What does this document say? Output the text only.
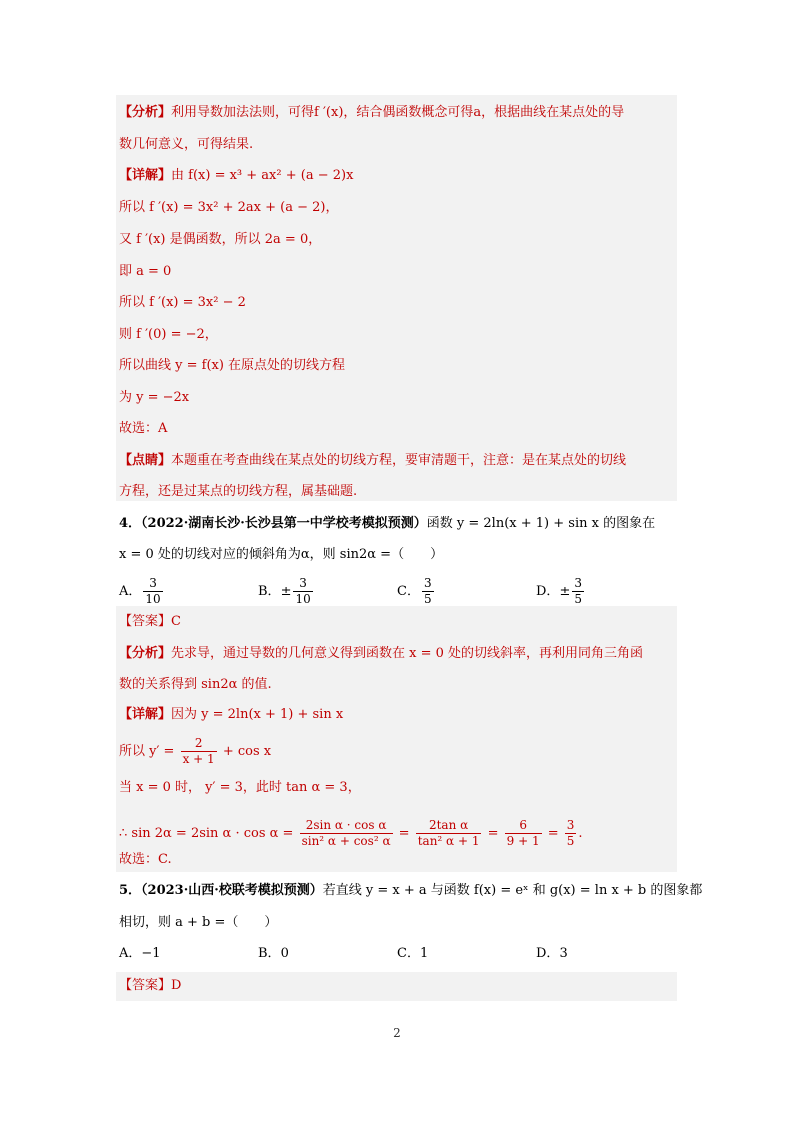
【分析】利用导数加法法则，可得f ′(x)，结合偶函数概念可得a，根据曲线在某点处的导
数几何意义，可得结果.
【详解】由 f(x) = x³ + ax² + (a − 2)x
所以 f ′(x) = 3x² + 2ax + (a − 2)，
又 f ′(x) 是偶函数，所以 2a = 0，
即 a = 0
所以 f ′(x) = 3x² − 2
则 f ′(0) = −2，
所以曲线 y = f(x) 在原点处的切线方程
为 y = −2x
故选：A
【点睛】本题重在考查曲线在某点处的切线方程，要审清题干，注意：是在某点处的切线
方程，还是过某点的切线方程，属基础题.
4．（2022·湖南长沙·长沙县第一中学校考模拟预测）函数 y = 2ln(x + 1) + sin x 的图象在
x = 0 处的切线对应的倾斜角为α，则 sin2α =（　　）
A． $\frac{3}{10}$	B．± $\frac{3}{10}$	C． $\frac{3}{5}$	D．± $\frac{3}{5}$
【答案】C
【分析】先求导，通过导数的几何意义得到函数在 x = 0 处的切线斜率，再利用同角三角函
数的关系得到 sin2α 的值.
【详解】因为 y = 2ln(x + 1) + sin x
所以 $y' = \frac{2}{x + 1} + \cos x$
当 x = 0 时， y′ = 3，此时 tan α = 3，
∴ sin 2α = 2sin $\alpha \cdot \cos \alpha = \frac{\text{2sin α · cos α}}{\text{sin² α + cos² α}} = \frac{\text{2tan α}}{\text{tan² α + 1}} = \frac{6}{9 + 1} = \frac{3}{5}$ .
故选：C.
5．（2023·山西·校联考模拟预测）若直线 y = x + a 与函数 f(x) = eˣ 和 g(x) = ln x + b 的图象都
相切，则 a + b =（　　）
A．−1	B．0	C．1	D．3
【答案】D
2
